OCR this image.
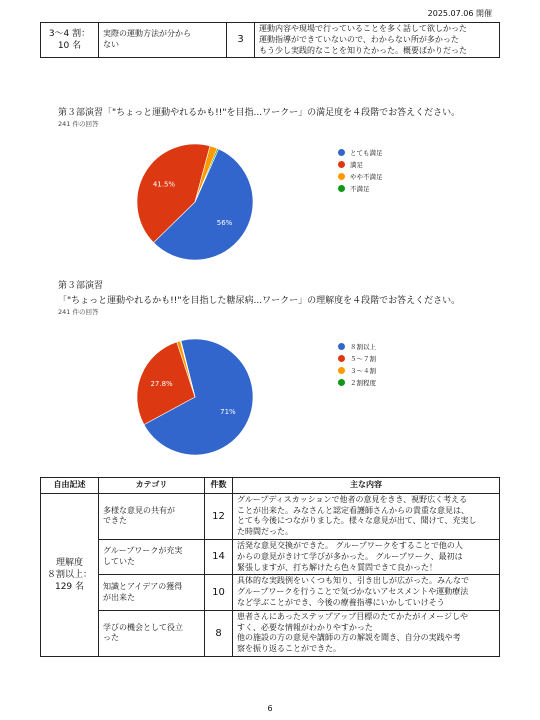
2025.07.06 開催
3～4 割：
10 名	実際の運動方法が分から
ない	3	運動内容や現場で行っていることを多く話して欲しかった
運動指導ができていないので、わからない所が多かった
もう少し実践的なことを知りたかった。概要ばかりだった
第３部演習「"ちょっと運動やれるかも!!"を目指...ワークー」の満足度を４段階でお答えください。
241 件の回答
56%
41.5%
とても満足
満足
やや不満足
不満足
第３部演習
「"ちょっと運動やれるかも!!"を目指した糖尿病...ワークー」の理解度を４段階でお答えください。
241 件の回答
71%
27.8%
８割以上
５～７割
３～４割
２割程度
自由記述	カテゴリ	件数	主な内容
理解度
８割以上：
129 名	多様な意見の共有が
できた	12	グループディスカッションで他者の意見をきき、視野広く考える
ことが出来た。みなさんと認定看護師さんからの貴重な意見は、
とても今後につながりました。様々な意見が出て、聞けて、充実し
た時間だった。
	グループワークが充実
していた	14	活発な意見交換ができた。 グループワークをすることで他の人
からの意見がきけて学びが多かった。 グループワーク、最初は
緊張しますが、打ち解けたら色々質問できて良かった！
	知識とアイデアの獲得
が出来た	10	具体的な実践例をいくつも知り、引き出しが広がった。みんなで
グループワークを行うことで気づかないアセスメントや運動療法
など学ぶことができ、今後の療養指導にいかしていけそう
	学びの機会として役立
った	8	患者さんにあったステップアップ目標のたてかたがイメージしや
すく、必要な情報がわかりやすかった
他の施設の方の意見や講師の方の解説を聞き、自分の実践や考
察を振り返ることができた。
6
